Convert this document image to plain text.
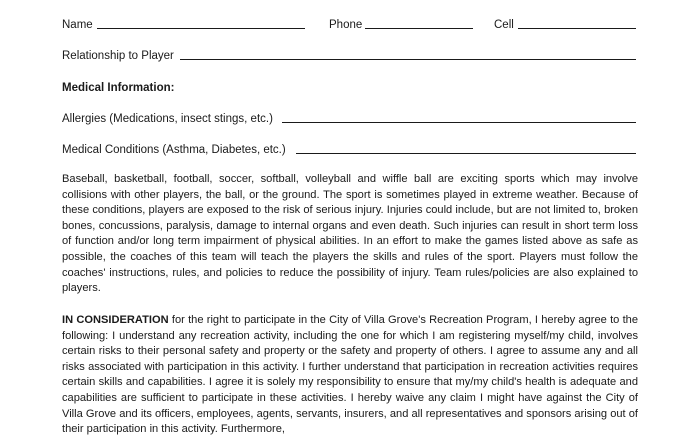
Name	Phone	Cell
Relationship to Player
Medical Information:
Allergies (Medications, insect stings, etc.)
Medical Conditions (Asthma, Diabetes, etc.)

Baseball, basketball, football, soccer, softball, volleyball and wiffle ball are exciting sports which may involve collisions with other players, the ball, or the ground. The sport is sometimes played in extreme weather. Because of these conditions, players are exposed to the risk of serious injury. Injuries could include, but are not limited to, broken bones, concussions, paralysis, damage to internal organs and even death. Such injuries can result in short term loss of function and/or long term impairment of physical abilities. In an effort to make the games listed above as safe as possible, the coaches of this team will teach the players the skills and rules of the sport. Players must follow the coaches' instructions, rules, and policies to reduce the possibility of injury. Team rules/policies are also explained to players.

IN CONSIDERATION for the right to participate in the City of Villa Grove's Recreation Program, I hereby agree to the following: I understand any recreation activity, including the one for which I am registering myself/my child, involves certain risks to their personal safety and property or the safety and property of others. I agree to assume any and all risks associated with participation in this activity. I further understand that participation in recreation activities requires certain skills and capabilities. I agree it is solely my responsibility to ensure that my/my child's health is adequate and capabilities are sufficient to participate in these activities. I hereby waive any claim I might have against the City of Villa Grove and its officers, employees, agents, servants, insurers, and all representatives and sponsors arising out of their participation in this activity. Furthermore,
